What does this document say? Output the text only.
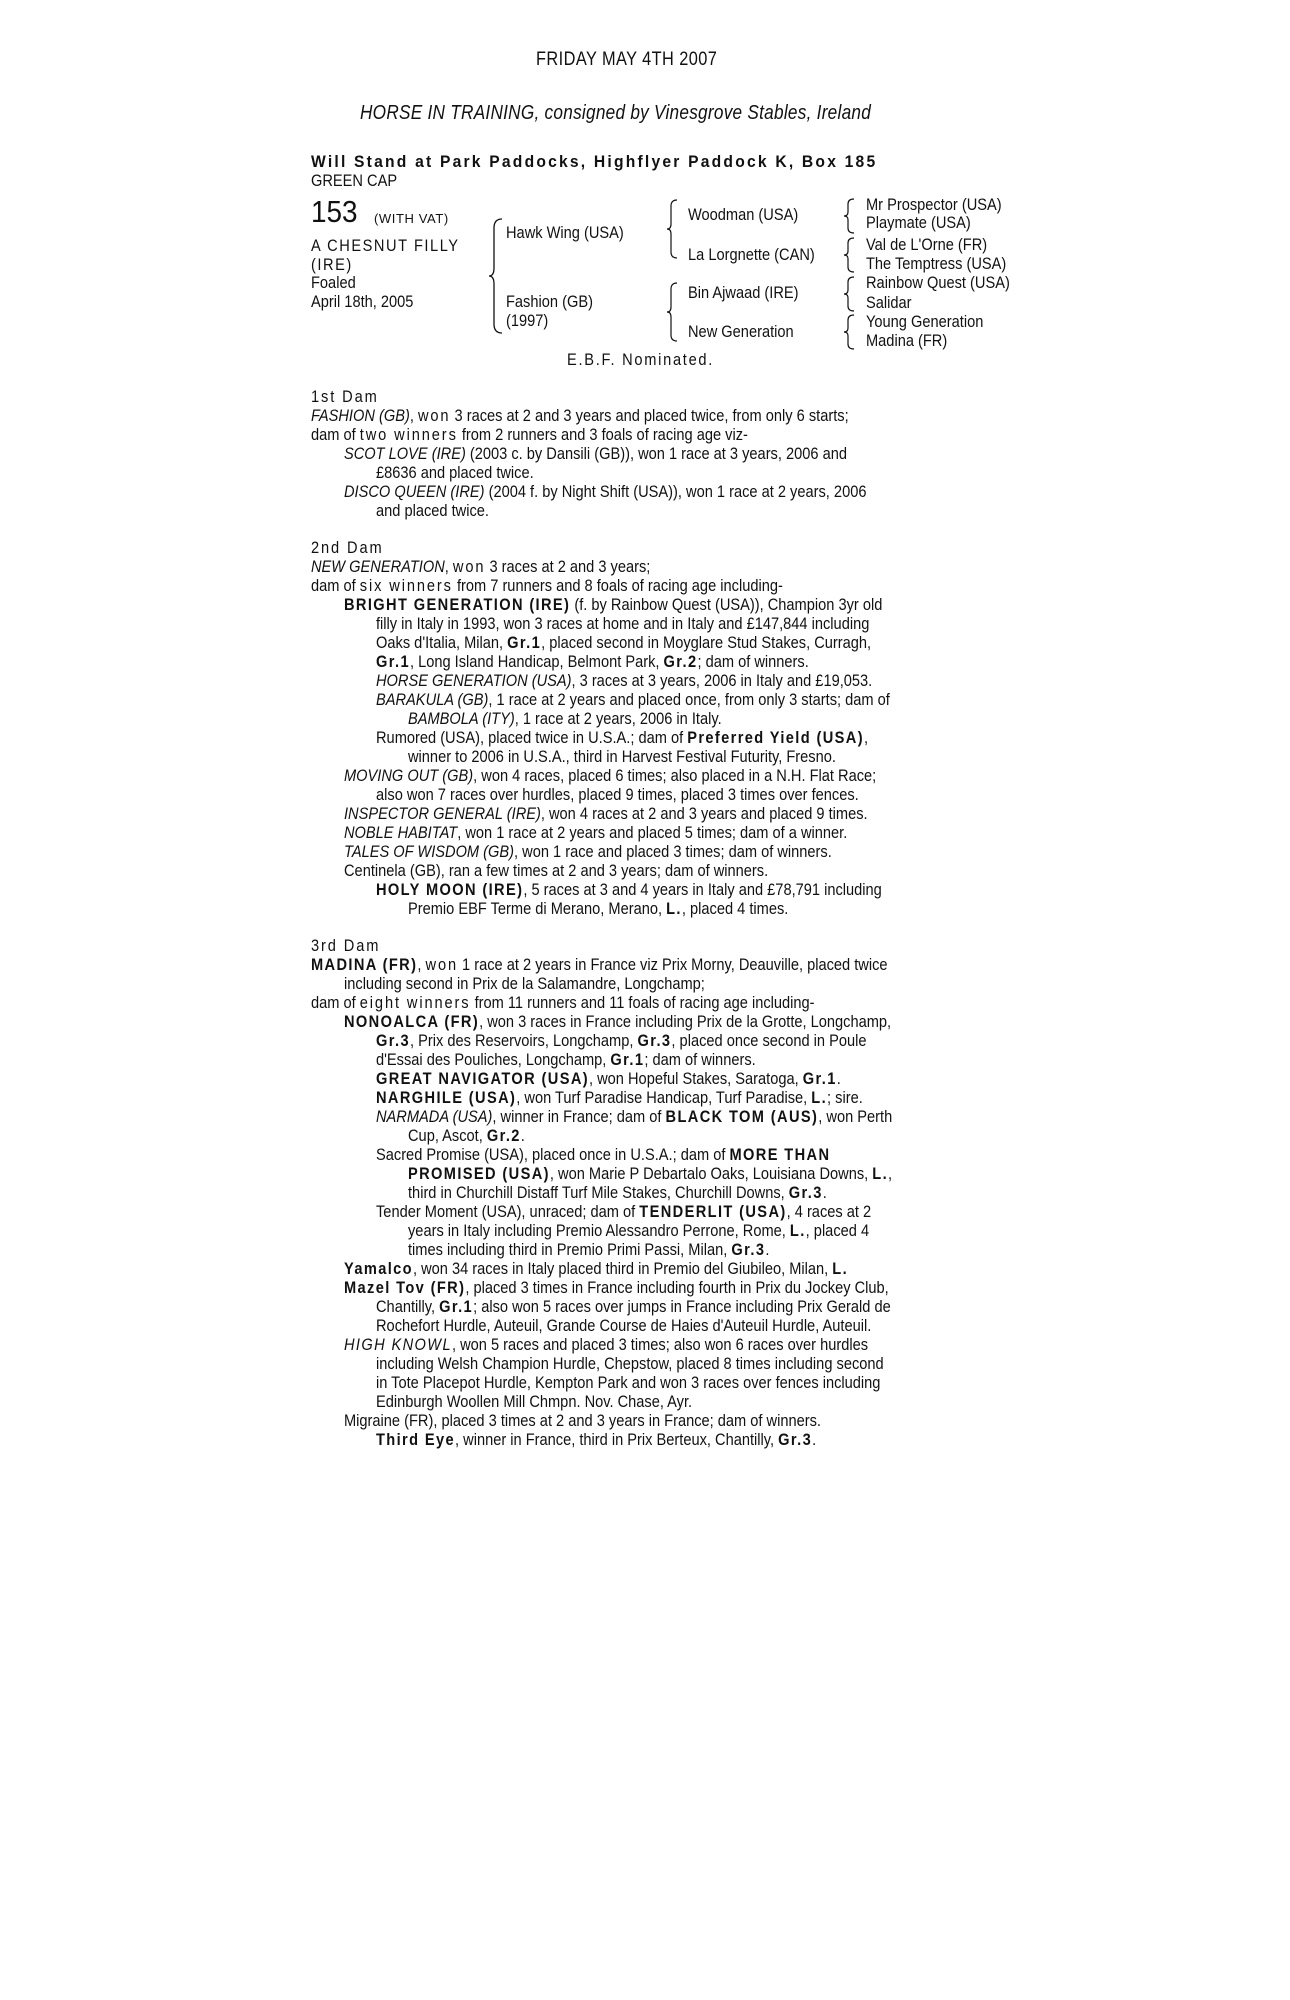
FRIDAY MAY 4TH 2007
HORSE IN TRAINING, consigned by Vinesgrove Stables, Ireland
Will Stand at Park Paddocks, Highflyer Paddock K, Box 185
GREEN CAP
153 (WITH VAT)
A CHESNUT FILLY
(IRE)
Foaled
April 18th, 2005
Hawk Wing (USA)
Fashion (GB)
(1997)
Woodman (USA)
La Lorgnette (CAN)
Bin Ajwaad (IRE)
New Generation
Mr Prospector (USA)
Playmate (USA)
Val de L'Orne (FR)
The Temptress (USA)
Rainbow Quest (USA)
Salidar
Young Generation
Madina (FR)
E.B.F. Nominated.
1st Dam
FASHION (GB), won 3 races at 2 and 3 years and placed twice, from only 6 starts;
dam of two winners from 2 runners and 3 foals of racing age viz-
SCOT LOVE (IRE) (2003 c. by Dansili (GB)), won 1 race at 3 years, 2006 and
£8636 and placed twice.
DISCO QUEEN (IRE) (2004 f. by Night Shift (USA)), won 1 race at 2 years, 2006
and placed twice.
2nd Dam
NEW GENERATION, won 3 races at 2 and 3 years;
dam of six winners from 7 runners and 8 foals of racing age including-
BRIGHT GENERATION (IRE) (f. by Rainbow Quest (USA)), Champion 3yr old
filly in Italy in 1993, won 3 races at home and in Italy and £147,844 including
Oaks d'Italia, Milan, Gr.1, placed second in Moyglare Stud Stakes, Curragh,
Gr.1, Long Island Handicap, Belmont Park, Gr.2; dam of winners.
HORSE GENERATION (USA), 3 races at 3 years, 2006 in Italy and £19,053.
BARAKULA (GB), 1 race at 2 years and placed once, from only 3 starts; dam of
BAMBOLA (ITY), 1 race at 2 years, 2006 in Italy.
Rumored (USA), placed twice in U.S.A.; dam of Preferred Yield (USA),
winner to 2006 in U.S.A., third in Harvest Festival Futurity, Fresno.
MOVING OUT (GB), won 4 races, placed 6 times; also placed in a N.H. Flat Race;
also won 7 races over hurdles, placed 9 times, placed 3 times over fences.
INSPECTOR GENERAL (IRE), won 4 races at 2 and 3 years and placed 9 times.
NOBLE HABITAT, won 1 race at 2 years and placed 5 times; dam of a winner.
TALES OF WISDOM (GB), won 1 race and placed 3 times; dam of winners.
Centinela (GB), ran a few times at 2 and 3 years; dam of winners.
HOLY MOON (IRE), 5 races at 3 and 4 years in Italy and £78,791 including
Premio EBF Terme di Merano, Merano, L., placed 4 times.
3rd Dam
MADINA (FR), won 1 race at 2 years in France viz Prix Morny, Deauville, placed twice
including second in Prix de la Salamandre, Longchamp;
dam of eight winners from 11 runners and 11 foals of racing age including-
NONOALCA (FR), won 3 races in France including Prix de la Grotte, Longchamp,
Gr.3, Prix des Reservoirs, Longchamp, Gr.3, placed once second in Poule
d'Essai des Pouliches, Longchamp, Gr.1; dam of winners.
GREAT NAVIGATOR (USA), won Hopeful Stakes, Saratoga, Gr.1.
NARGHILE (USA), won Turf Paradise Handicap, Turf Paradise, L.; sire.
NARMADA (USA), winner in France; dam of BLACK TOM (AUS), won Perth
Cup, Ascot, Gr.2.
Sacred Promise (USA), placed once in U.S.A.; dam of MORE THAN
PROMISED (USA), won Marie P Debartalo Oaks, Louisiana Downs, L.,
third in Churchill Distaff Turf Mile Stakes, Churchill Downs, Gr.3.
Tender Moment (USA), unraced; dam of TENDERLIT (USA), 4 races at 2
years in Italy including Premio Alessandro Perrone, Rome, L., placed 4
times including third in Premio Primi Passi, Milan, Gr.3.
Yamalco, won 34 races in Italy placed third in Premio del Giubileo, Milan, L.
Mazel Tov (FR), placed 3 times in France including fourth in Prix du Jockey Club,
Chantilly, Gr.1; also won 5 races over jumps in France including Prix Gerald de
Rochefort Hurdle, Auteuil, Grande Course de Haies d'Auteuil Hurdle, Auteuil.
HIGH KNOWL, won 5 races and placed 3 times; also won 6 races over hurdles
including Welsh Champion Hurdle, Chepstow, placed 8 times including second
in Tote Placepot Hurdle, Kempton Park and won 3 races over fences including
Edinburgh Woollen Mill Chmpn. Nov. Chase, Ayr.
Migraine (FR), placed 3 times at 2 and 3 years in France; dam of winners.
Third Eye, winner in France, third in Prix Berteux, Chantilly, Gr.3.
